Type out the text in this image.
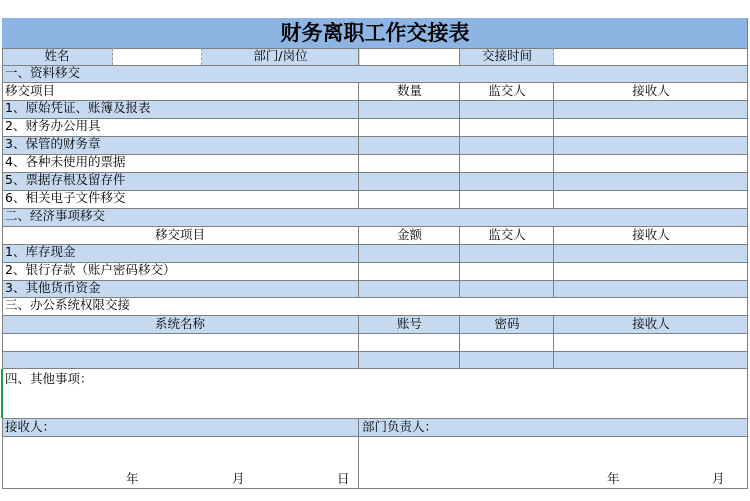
财务离职工作交接表
姓名	部门/岗位	交接时间
一、资料移交
移交项目	数量	监交人	接收人
1、原始凭证、账簿及报表
2、财务办公用具
3、保管的财务章
4、各种未使用的票据
5、票据存根及留存件
6、相关电子文件移交
二、经济事项移交
移交项目	金额	监交人	接收人
1、库存现金
2、银行存款（账户密码移交）
3、其他货币资金
三、办公系统权限交接
系统名称	账号	密码	接收人
四、其他事项：
接收人：	部门负责人：
年	月	日	年	月
